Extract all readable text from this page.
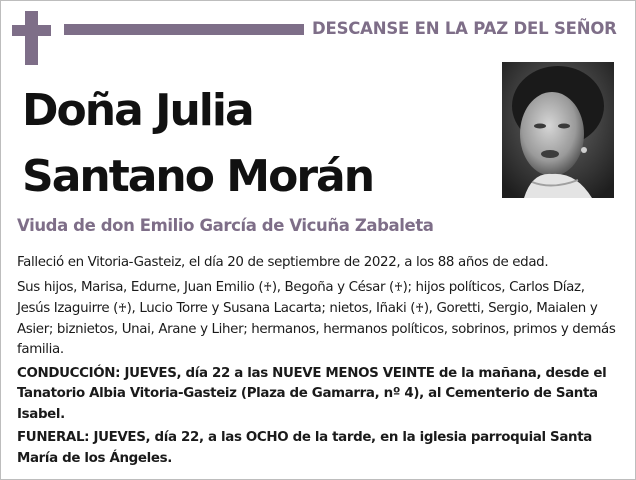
DESCANSE EN LA PAZ DEL SEÑOR
Doña Julia
Santano Morán
Viuda de don Emilio García de Vicuña Zabaleta

Falleció en Vitoria-Gasteiz, el día 20 de septiembre de 2022, a los 88 años de edad.

Sus hijos, Marisa, Edurne, Juan Emilio (♰), Begoña y César (♰); hijos políticos, Carlos Díaz, Jesús Izaguirre (♰), Lucio Torre y Susana Lacarta; nietos, Iñaki (♰), Goretti, Sergio, Maialen y Asier; biznietos, Unai, Arane y Liher; hermanos, hermanos políticos, sobrinos, primos y demás familia.

CONDUCCIÓN: JUEVES, día 22 a las NUEVE MENOS VEINTE de la mañana, desde el Tanatorio Albia Vitoria-Gasteiz (Plaza de Gamarra, nº 4), al Cementerio de Santa Isabel.

FUNERAL: JUEVES, día 22, a las OCHO de la tarde, en la iglesia parroquial Santa María de los Ángeles.
